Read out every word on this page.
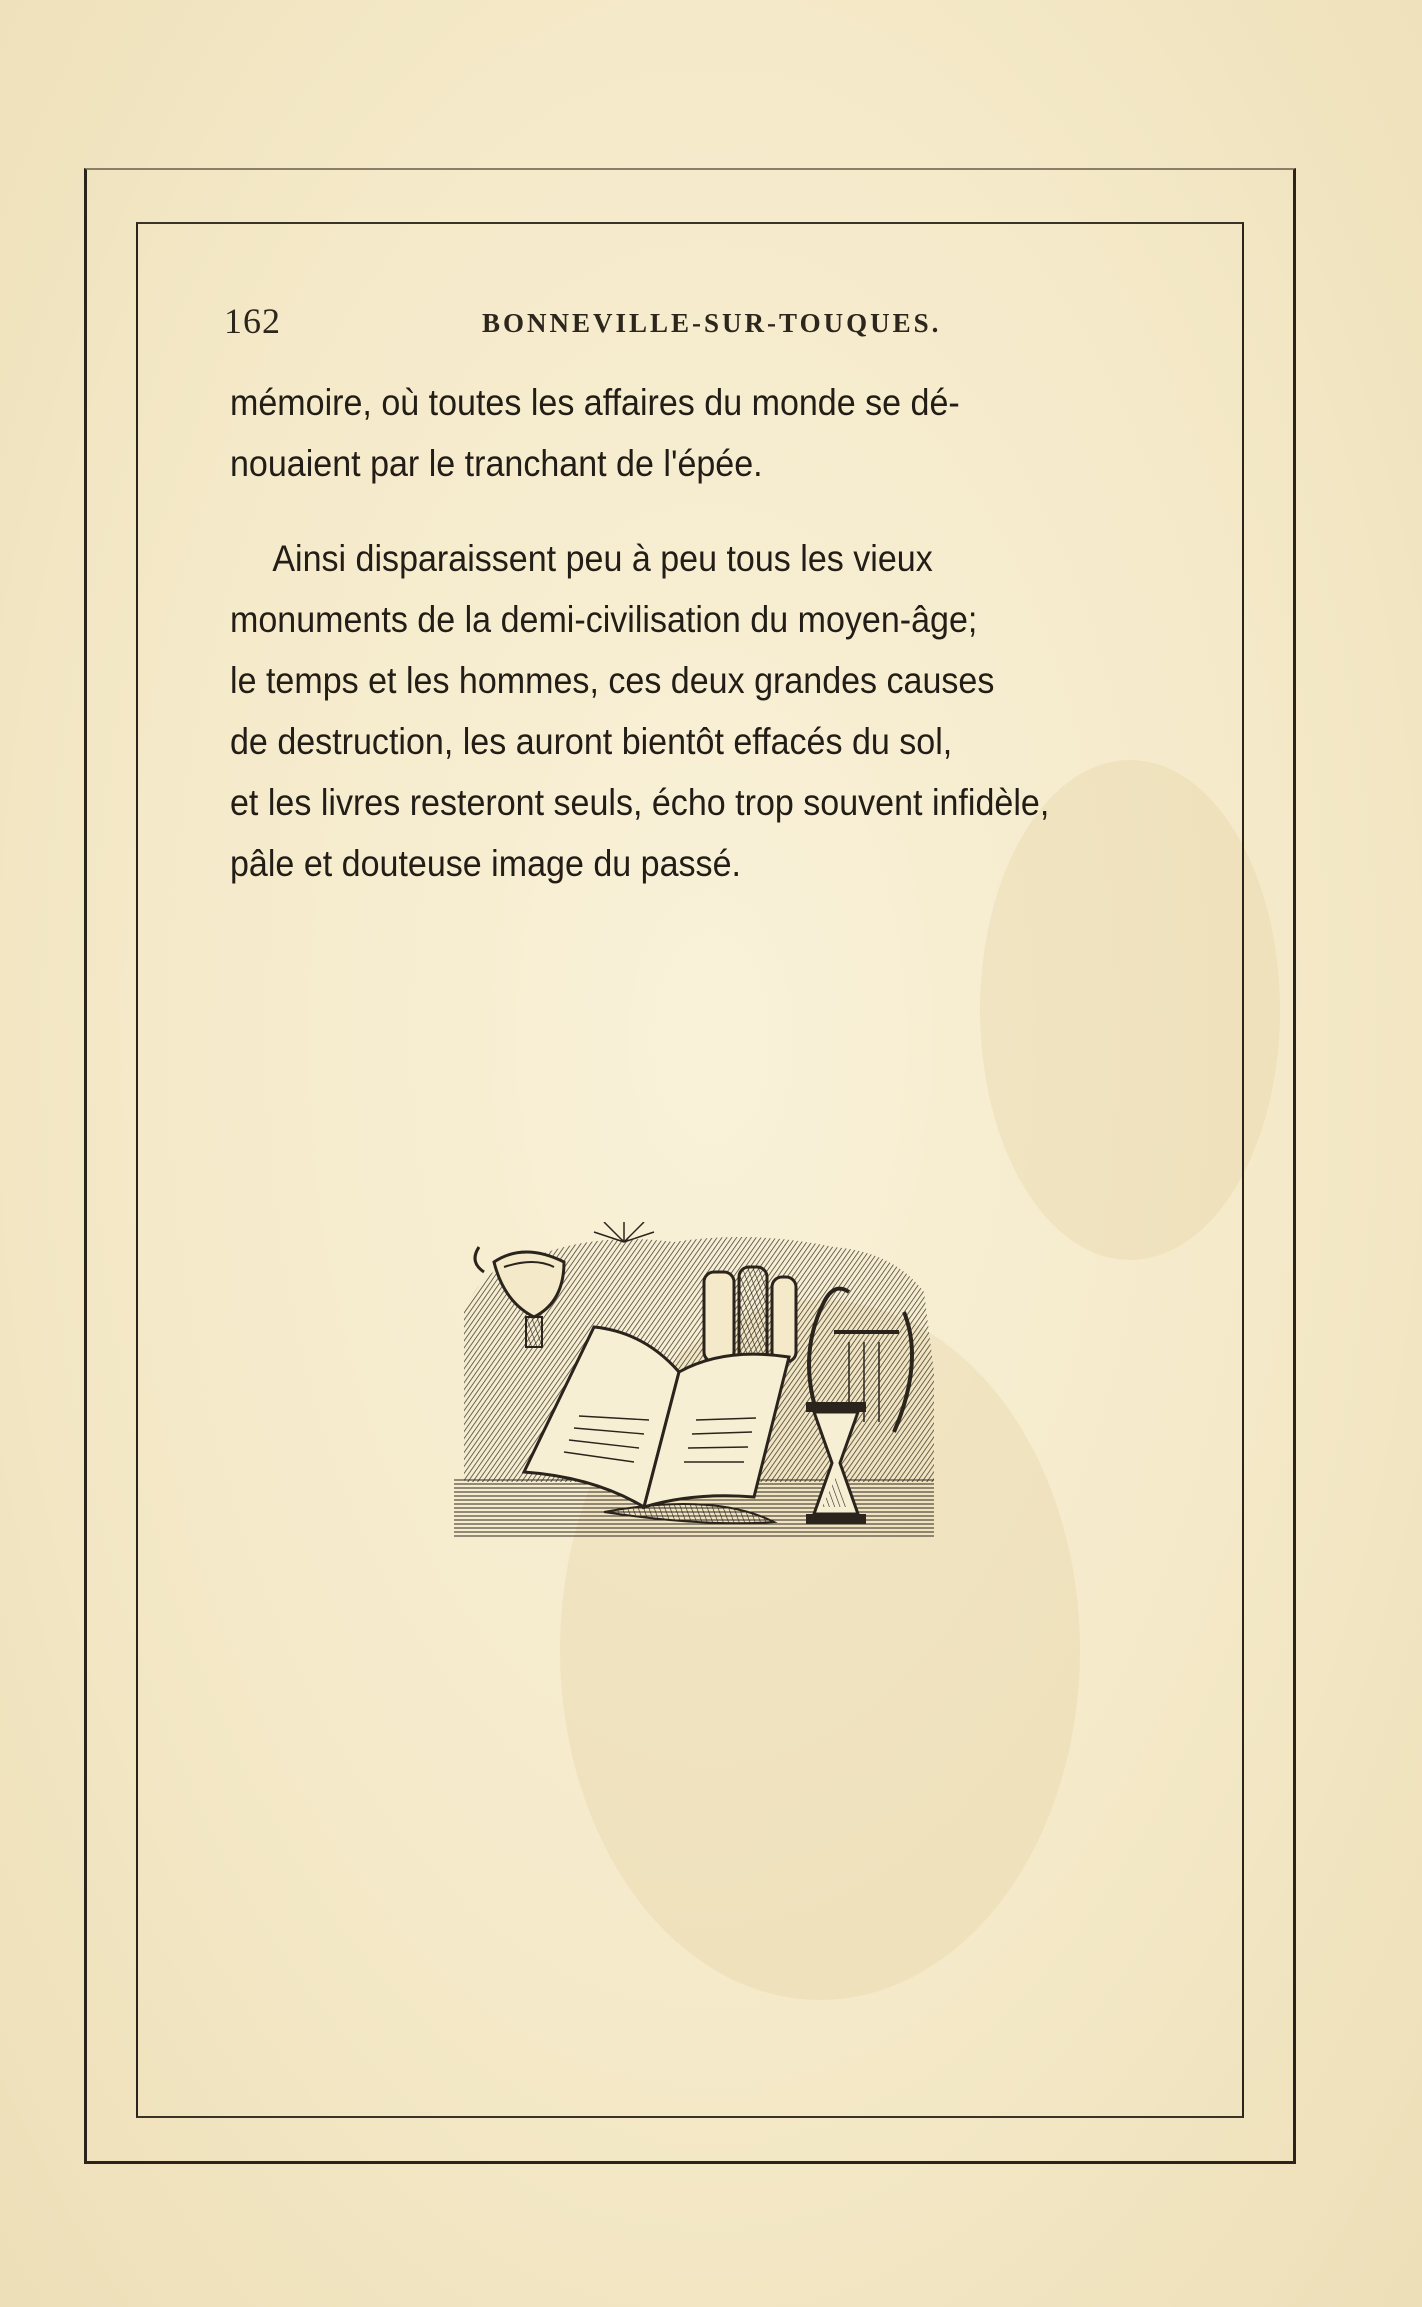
162	BONNEVILLE-SUR-TOUQUES.

mémoire, où toutes les affaires du monde se dé-
nouaient par le tranchant de l'épée.

Ainsi disparaissent peu à peu tous les vieux
monuments de la demi-civilisation du moyen-âge;
le temps et les hommes, ces deux grandes causes
de destruction, les auront bientôt effacés du sol,
et les livres resteront seuls, écho trop souvent infidèle,
pâle et douteuse image du passé.
